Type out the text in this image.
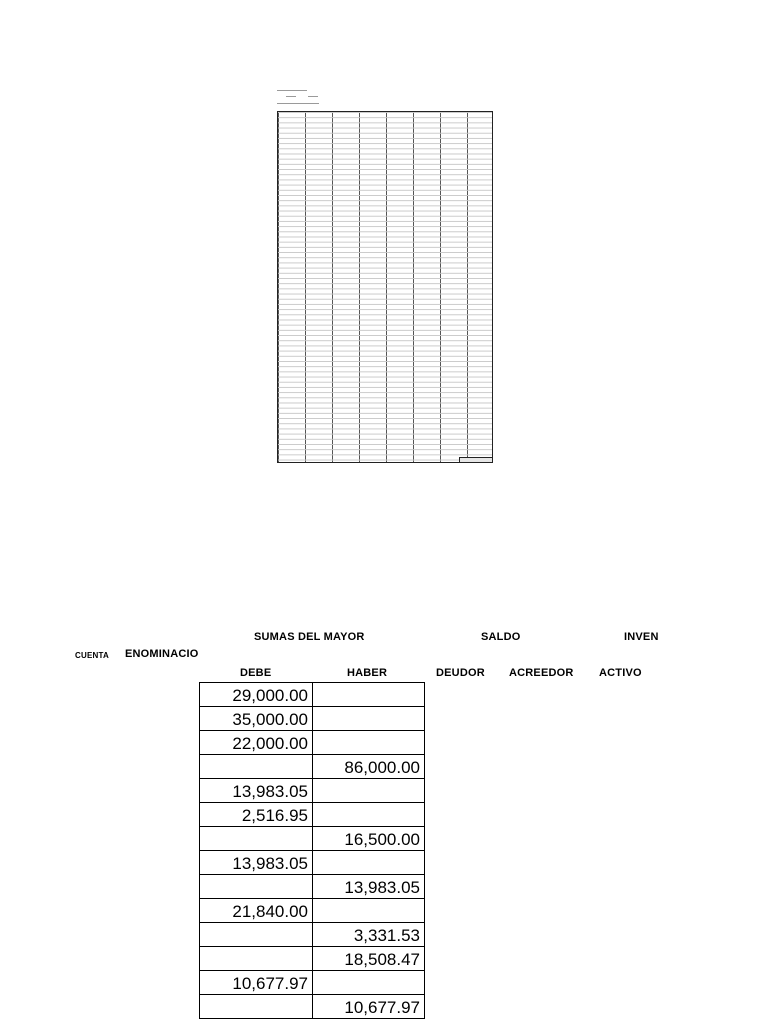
SUMAS DEL MAYOR	SALDO	INVEN
CUENTA ENOMINACIO
DEBE	HABER	DEUDOR ACREEDOR ACTIVO
29,000.00	
35,000.00	
22,000.00	
	86,000.00
13,983.05	
2,516.95	
	16,500.00
13,983.05	
	13,983.05
21,840.00	
	3,331.53
	18,508.47
10,677.97	
	10,677.97
